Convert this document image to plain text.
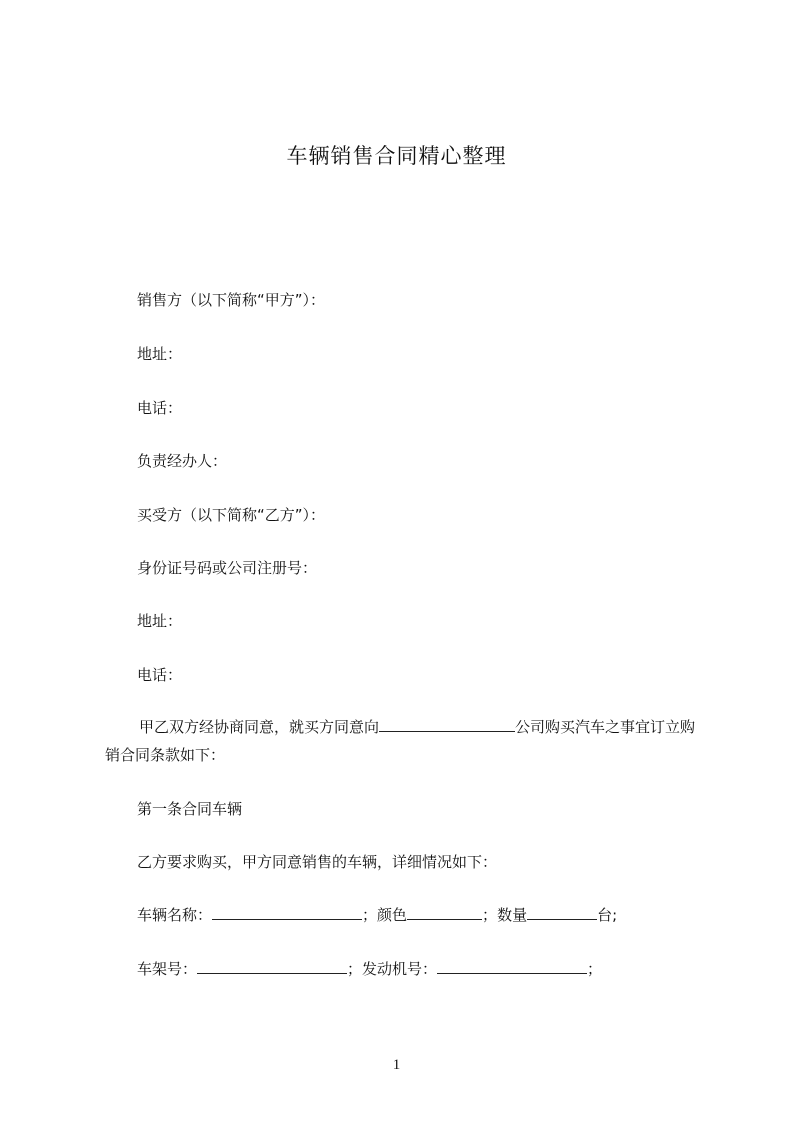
车辆销售合同精心整理
销售方（以下简称“甲方”）：
地址：
电话：
负责经办人：
买受方（以下简称“乙方”）：
身份证号码或公司注册号：
地址：
电话：
甲乙双方经协商同意，就买方同意向	公司购买汽车之事宜订立购销合同条款如下：
第一条合同车辆
乙方要求购买，甲方同意销售的车辆，详细情况如下：
车辆名称：	；颜色	；数量	台;
车架号：	；发动机号：	；
1
